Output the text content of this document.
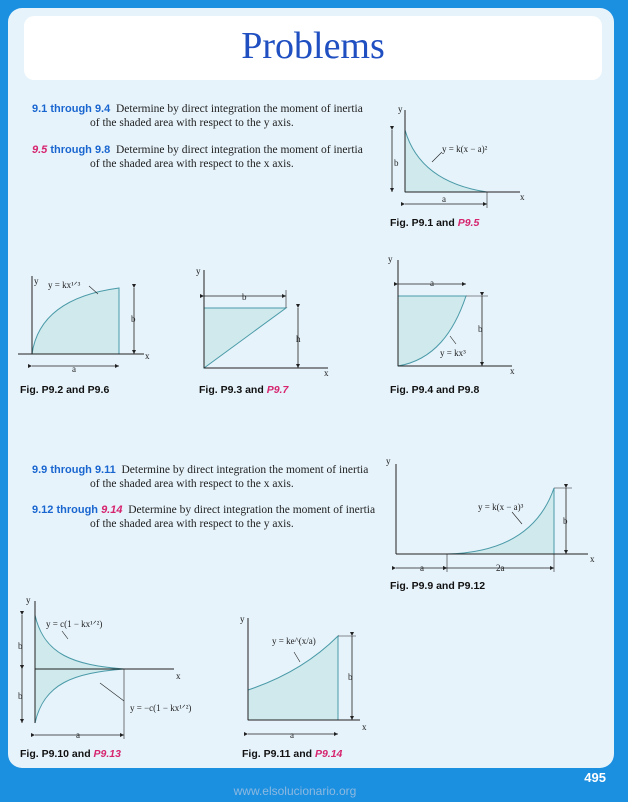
Problems
9.1 through 9.4 Determine by direct integration the moment of inertia
of the shaded area with respect to the y axis.
9.5 through 9.8 Determine by direct integration the moment of inertia
of the shaded area with respect to the x axis.
9.9 through 9.11 Determine by direct integration the moment of inertia
of the shaded area with respect to the x axis.
9.12 through 9.14 Determine by direct integration the moment of inertia
of the shaded area with respect to the y axis.
y
x
b
a
y = k(x − a)²
Fig. P9.1 and P9.5
y
x
b
a
y = kx¹ᐟ³
Fig. P9.2 and P9.6
y
x
b
h
Fig. P9.3 and P9.7
y
x
a
b
y = kx³
Fig. P9.4 and P9.8
y
x
a	2a
b
y = k(x − a)³
Fig. P9.9 and P9.12
y
x
b
b
a
y = c(1 − kx¹ᐟ²)
y = −c(1 − kx¹ᐟ²)
Fig. P9.10 and P9.13
y
x
a
b
y = ke^(x/a)
Fig. P9.11 and P9.14
495
www.elsolucionario.org
